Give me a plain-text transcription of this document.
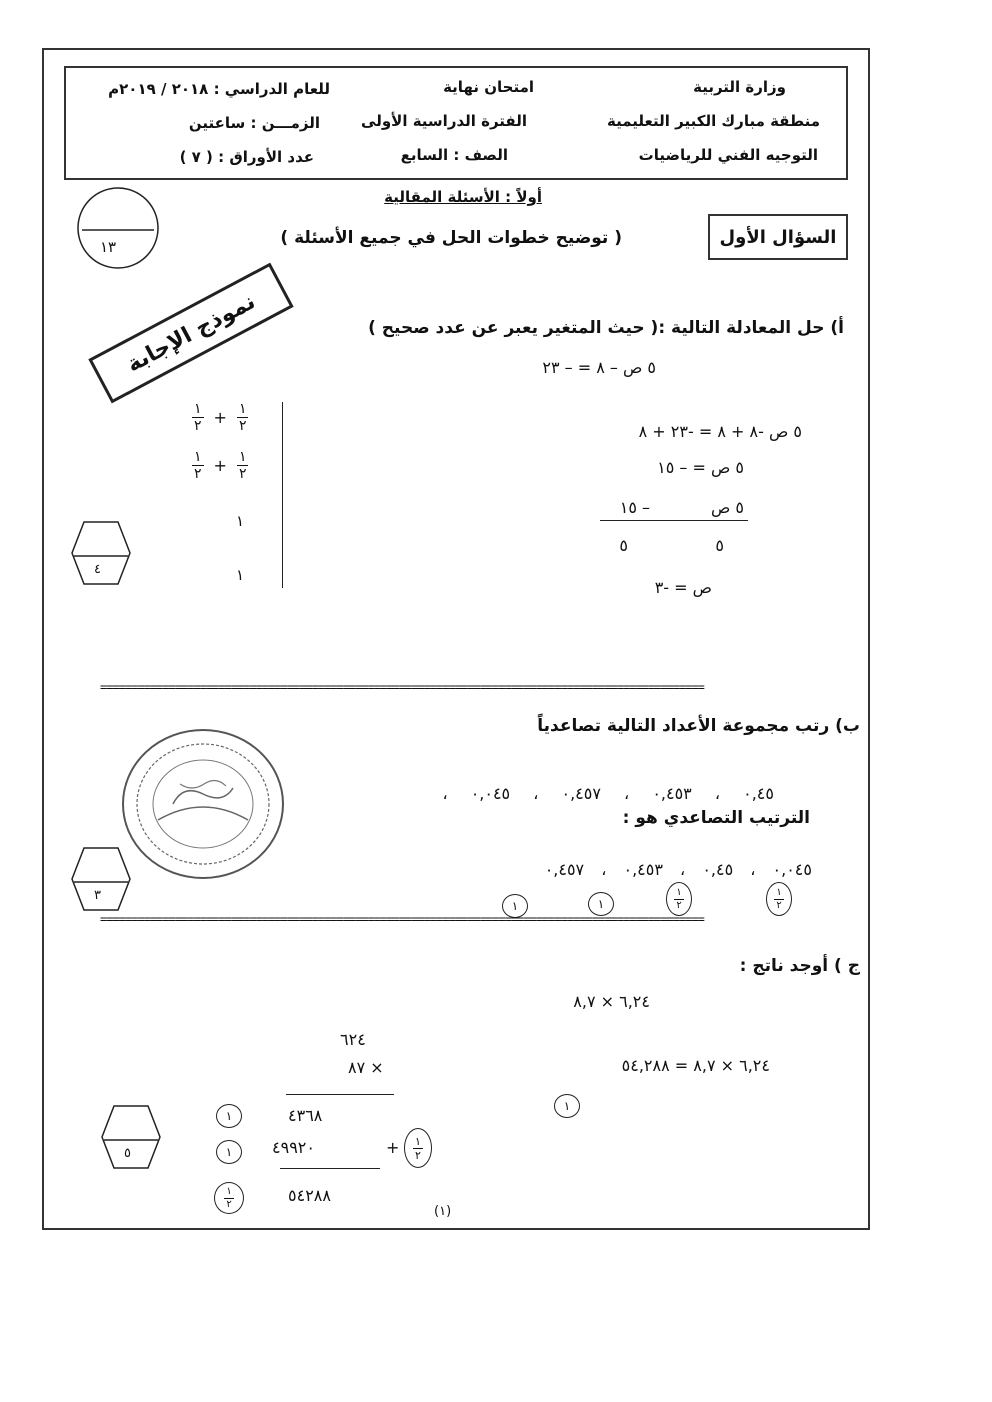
وزارة التربية
منطقة مبارك الكبير التعليمية
التوجيه الفني للرياضيات
امتحان نهاية
الفترة الدراسية الأولى
الصف : السابع
للعام الدراسي : ٢٠١٨ / ٢٠١٩م
الزمـــن : ساعتين
عدد الأوراق : ( ٧ )
أولاً : الأسئلة المقالية
السؤال الأول
( توضيح خطوات الحل في جميع الأسئلة )
١٣
نموذج الإجابة	أ) حل المعادلة التالية :( حيث المتغير يعبر عن عدد صحيح )
٥ ص – ٨ = – ٢٣
٥ ص -٨ + ٨ = -٢٣ + ٨
٥ ص = – ١٥
٥ ص
– ١٥
٥
٥
ص = -٣
$\frac{١}{٢} + \frac{١}{٢}$
$\frac{١}{٢} + \frac{١}{٢}$
١
١
٤
=================================================================================================
ب) رتب مجموعة الأعداد التالية تصاعدياً
٠,٤٥ ، ٠,٤٥٣ ، ٠,٤٥٧ ، ٠,٠٤٥ ،
الترتيب التصاعدي هو :
٠,٠٤٥ ، ٠,٤٥ ، ٠,٤٥٣ ، ٠,٤٥٧
١	١	$\frac{١}{٢}$	$\frac{١}{٢}$
٣
=================================================================================================
ج ) أوجد ناتج :
٦,٢٤ × ٨,٧
٦,٢٤ × ٨,٧ = ٥٤,٢٨٨
١
٦٢٤
× ٨٧
٤٣٦٨
٤٩٩٢٠	+
٥٤٢٨٨
١
١	$\frac{١}{٢}$
$\frac{١}{٢}$
٥
(١)
